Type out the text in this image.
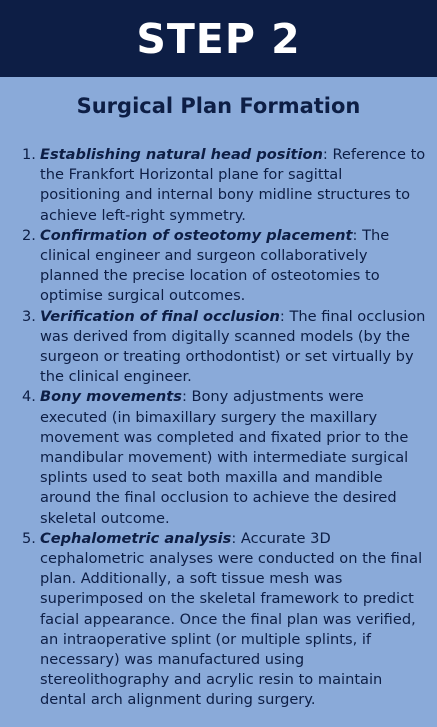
STEP 2
Surgical Plan Formation
1. Establishing natural head position: Reference to the Frankfort Horizontal plane for sagittal positioning and internal bony midline structures to achieve left-right symmetry.
2. Confirmation of osteotomy placement: The clinical engineer and surgeon collaboratively planned the precise location of osteotomies to optimise surgical outcomes.
3. Verification of final occlusion: The final occlusion was derived from digitally scanned models (by the surgeon or treating orthodontist) or set virtually by the clinical engineer.
4. Bony movements: Bony adjustments were executed (in bimaxillary surgery the maxillary movement was completed and fixated prior to the mandibular movement) with intermediate surgical splints used to seat both maxilla and mandible around the final occlusion to achieve the desired skeletal outcome.
5. Cephalometric analysis: Accurate 3D cephalometric analyses were conducted on the final plan. Additionally, a soft tissue mesh was superimposed on the skeletal framework to predict facial appearance. Once the final plan was verified, an intraoperative splint (or multiple splints, if necessary) was manufactured using stereolithography and acrylic resin to maintain dental arch alignment during surgery.
